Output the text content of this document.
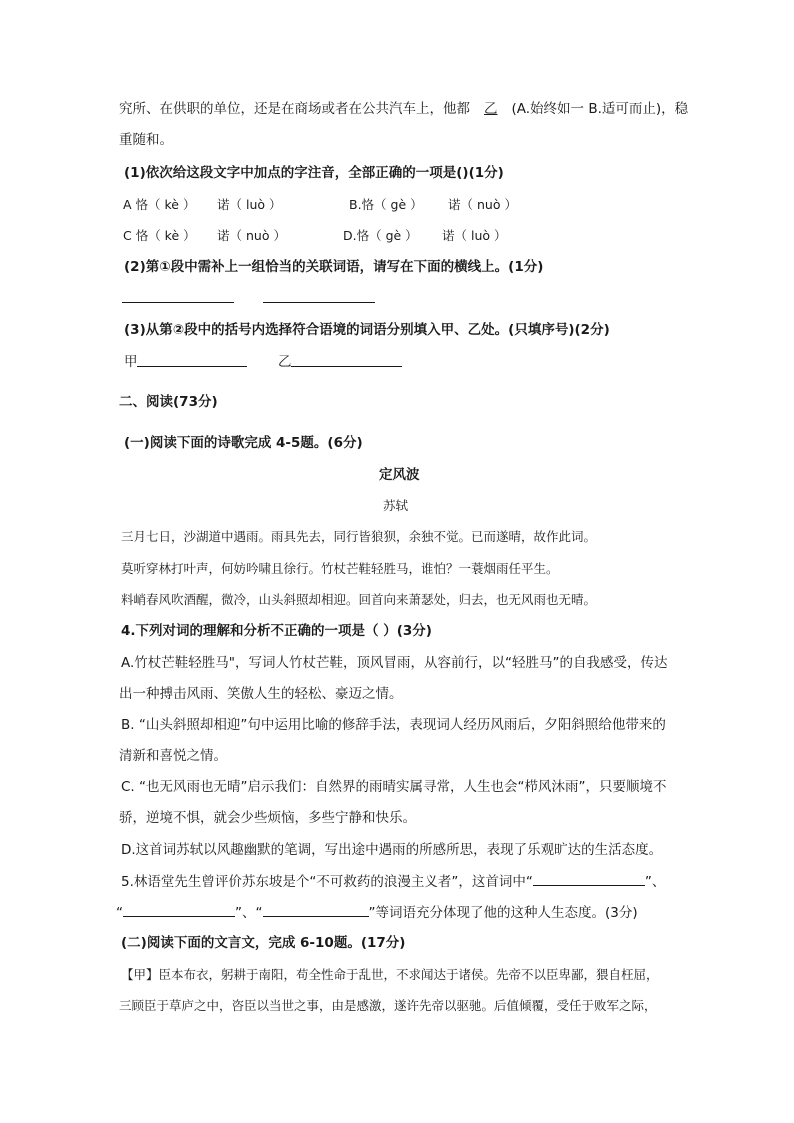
究所、在供职的单位，还是在商场或者在公共汽车上，他都 乙 (A.始终如一 B.适可而止)，稳
重随和。
(1)依次给这段文字中加点的字注音，全部正确的一项是()(1分)
A 恪（ kè ） 诺（ luò ）	B.恪（ gè ） 诺（ nuò ）
C 恪（ kè ） 诺（ nuò ）	D.恪（ gè ） 诺（ luò ）
(2)第①段中需补上一组恰当的关联词语，请写在下面的横线上。(1分)
(3)从第②段中的括号内选择符合语境的词语分别填入甲、乙处。(只填序号)(2分)
甲	乙
二、阅读(73分)
(一)阅读下面的诗歌完成 4-5题。(6分)
定风波
苏轼
三月七日，沙湖道中遇雨。雨具先去，同行皆狼狈，余独不觉。已而遂晴，故作此词。
莫听穿林打叶声，何妨吟啸且徐行。竹杖芒鞋轻胜马，谁怕？一蓑烟雨任平生。
料峭春风吹酒醒，微冷，山头斜照却相迎。回首向来萧瑟处，归去，也无风雨也无晴。
4.下列对词的理解和分析不正确的一项是（ ）(3分)
A.竹杖芒鞋轻胜马"，写词人竹杖芒鞋，顶风冒雨，从容前行，以“轻胜马”的自我感受，传达
出一种搏击风雨、笑傲人生的轻松、豪迈之情。
B. “山头斜照却相迎”句中运用比喻的修辞手法，表现词人经历风雨后，夕阳斜照给他带来的
清新和喜悦之情。
C. “也无风雨也无晴”启示我们：自然界的雨晴实属寻常，人生也会“栉风沐雨”，只要顺境不
骄，逆境不惧，就会少些烦恼，多些宁静和快乐。
D.这首词苏轼以风趣幽默的笔调，写出途中遇雨的所感所思，表现了乐观旷达的生活态度。
5.林语堂先生曾评价苏东坡是个“不可救药的浪漫主义者”，这首词中“	”、
“	”、“	”等词语充分体现了他的这种人生态度。(3分)
(二)阅读下面的文言文，完成 6-10题。(17分)
【甲】臣本布衣，躬耕于南阳，苟全性命于乱世，不求闻达于诸侯。先帝不以臣卑鄙，猥自枉屈，
三顾臣于草庐之中，咨臣以当世之事，由是感激，遂许先帝以驱驰。后值倾覆，受任于败军之际，
